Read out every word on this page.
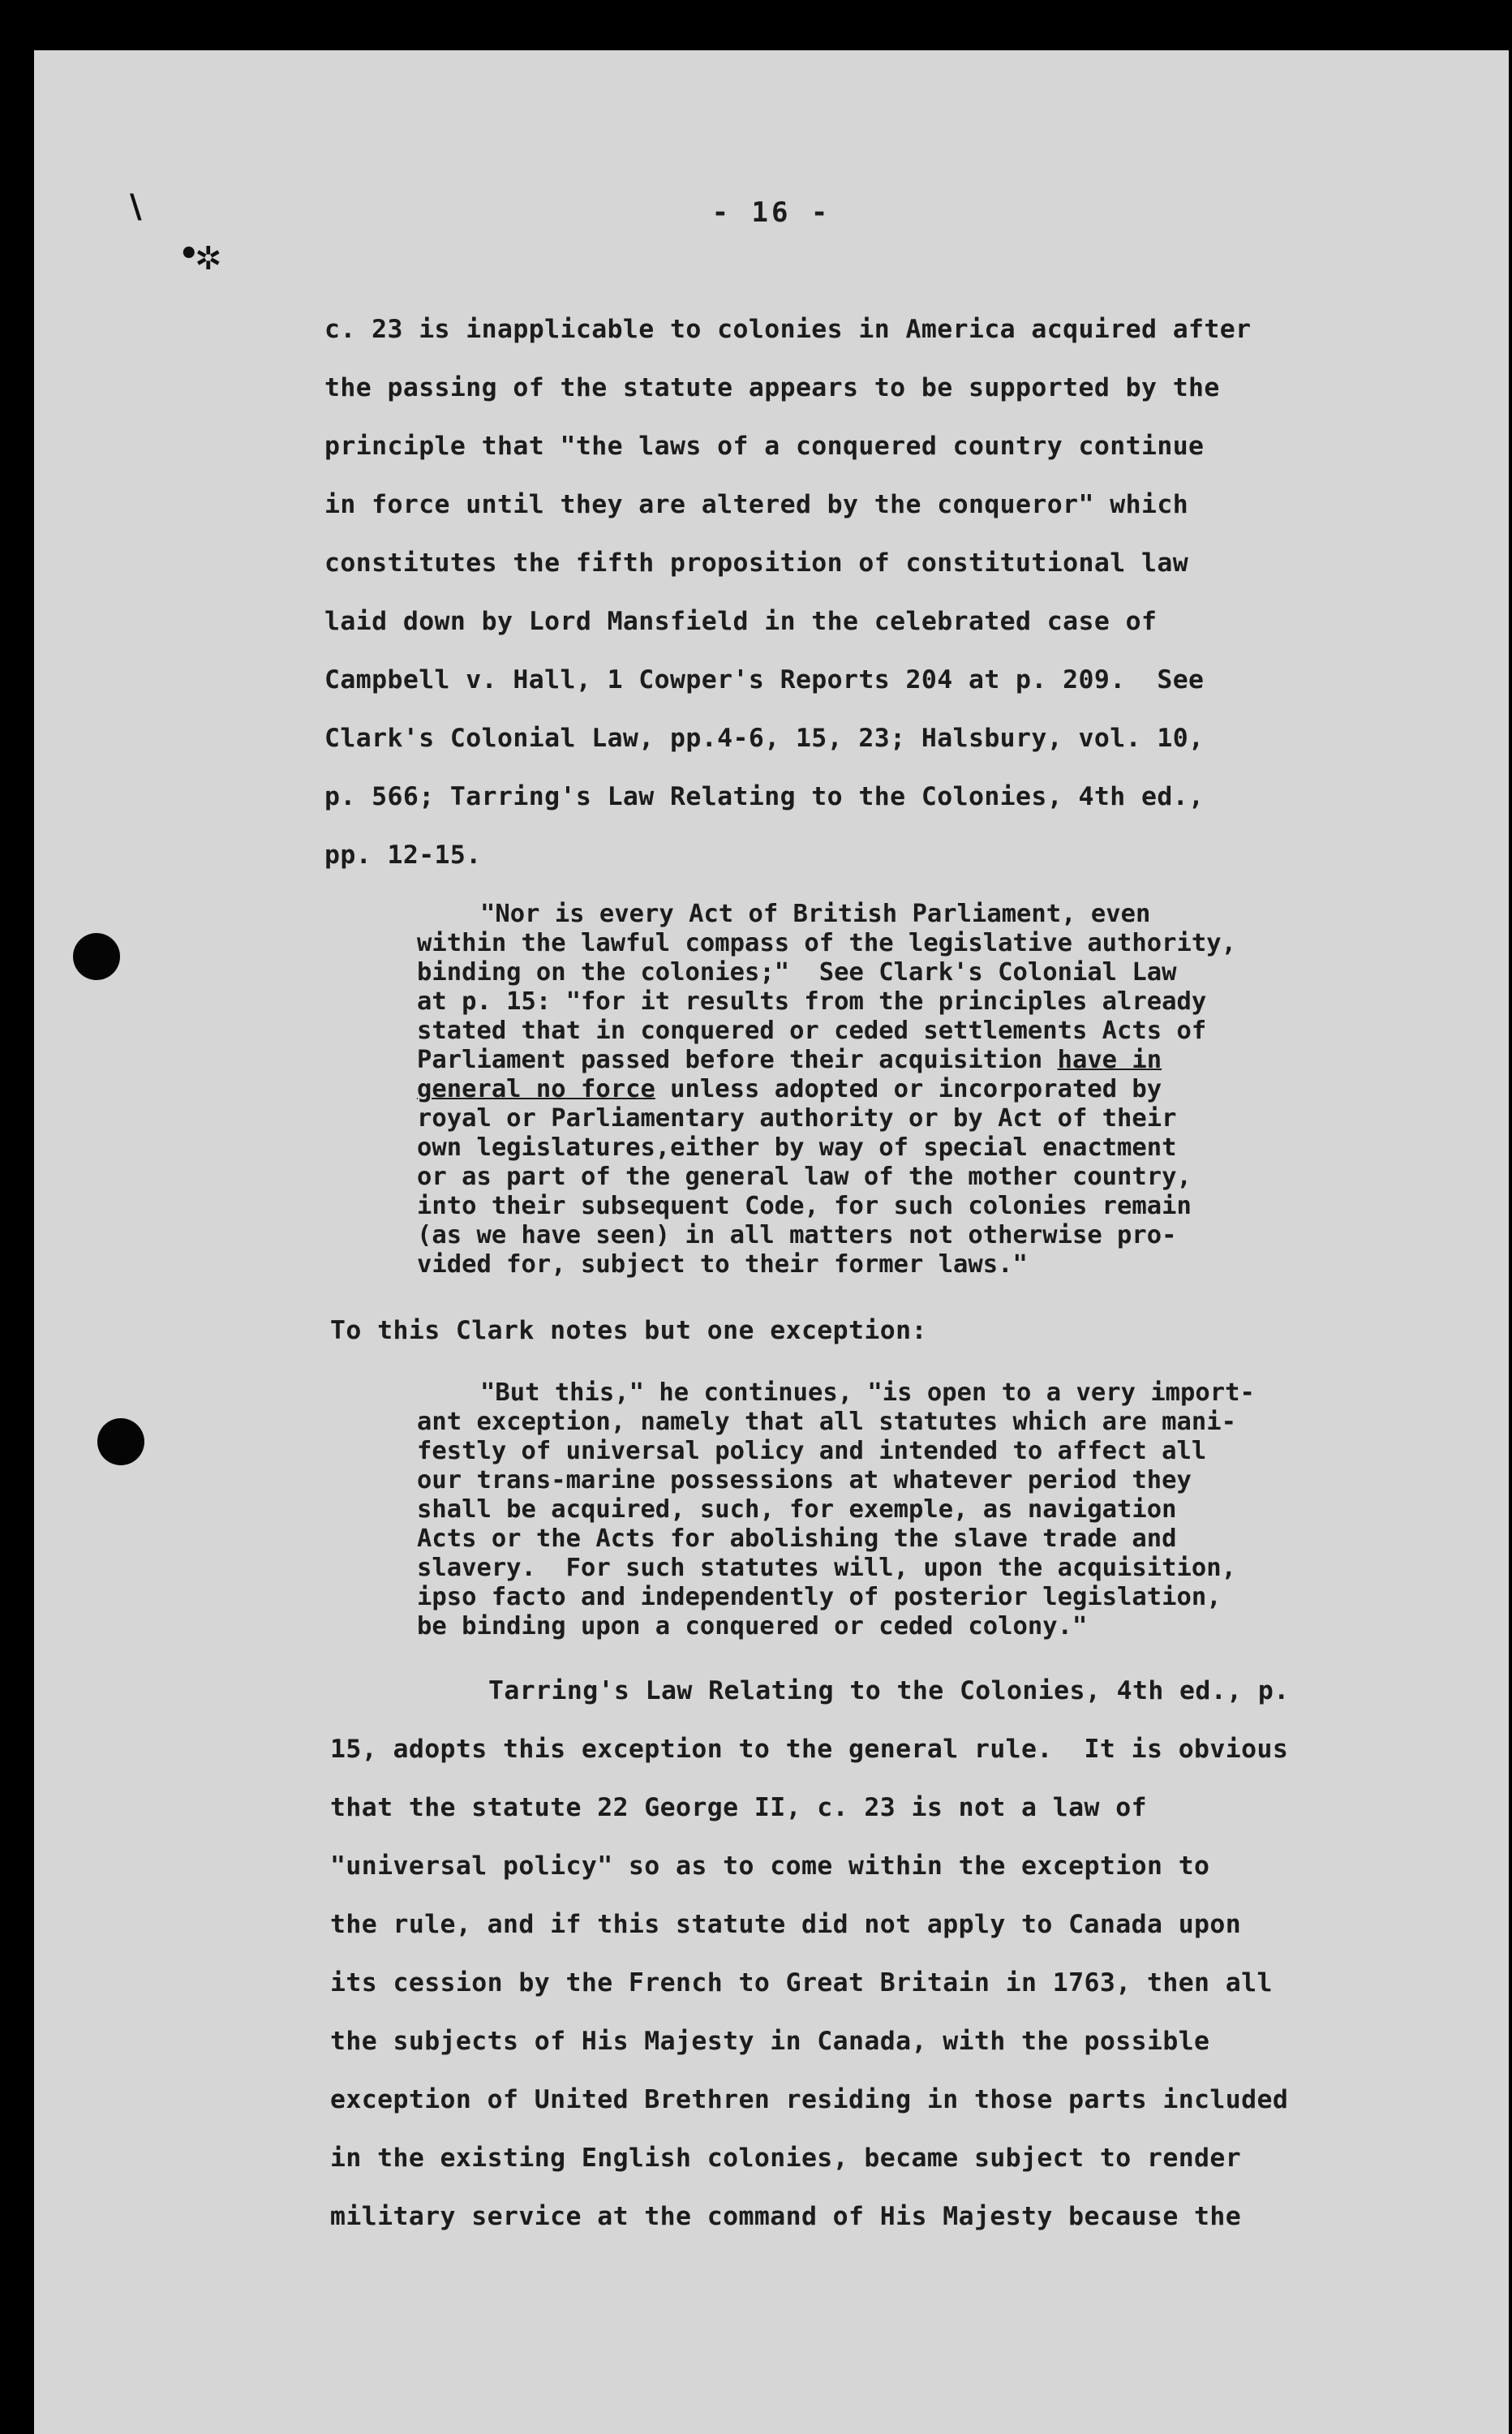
\
•
✲
- 16 -
c. 23 is inapplicable to colonies in America acquired after
the passing of the statute appears to be supported by the
principle that "the laws of a conquered country continue
in force until they are altered by the conqueror" which
constitutes the fifth proposition of constitutional law
laid down by Lord Mansfield in the celebrated case of
Campbell v. Hall, 1 Cowper's Reports 204 at p. 209.  See
Clark's Colonial Law, pp.4-6, 15, 23; Halsbury, vol. 10,
p. 566; Tarring's Law Relating to the Colonies, 4th ed.,
pp. 12-15.
"Nor is every Act of British Parliament, even
within the lawful compass of the legislative authority,
binding on the colonies;"  See Clark's Colonial Law
at p. 15: "for it results from the principles already
stated that in conquered or ceded settlements Acts of
Parliament passed before their acquisition have in
general no force unless adopted or incorporated by
royal or Parliamentary authority or by Act of their
own legislatures,either by way of special enactment
or as part of the general law of the mother country,
into their subsequent Code, for such colonies remain
(as we have seen) in all matters not otherwise pro-
vided for, subject to their former laws."
To this Clark notes but one exception:
"But this," he continues, "is open to a very import-
ant exception, namely that all statutes which are mani-
festly of universal policy and intended to affect all
our trans-marine possessions at whatever period they
shall be acquired, such, for exemple, as navigation
Acts or the Acts for abolishing the slave trade and
slavery.  For such statutes will, upon the acquisition,
ipso facto and independently of posterior legislation,
be binding upon a conquered or ceded colony."
Tarring's Law Relating to the Colonies, 4th ed., p.
15, adopts this exception to the general rule.  It is obvious
that the statute 22 George II, c. 23 is not a law of
"universal policy" so as to come within the exception to
the rule, and if this statute did not apply to Canada upon
its cession by the French to Great Britain in 1763, then all
the subjects of His Majesty in Canada, with the possible
exception of United Brethren residing in those parts included
in the existing English colonies, became subject to render
military service at the command of His Majesty because the
